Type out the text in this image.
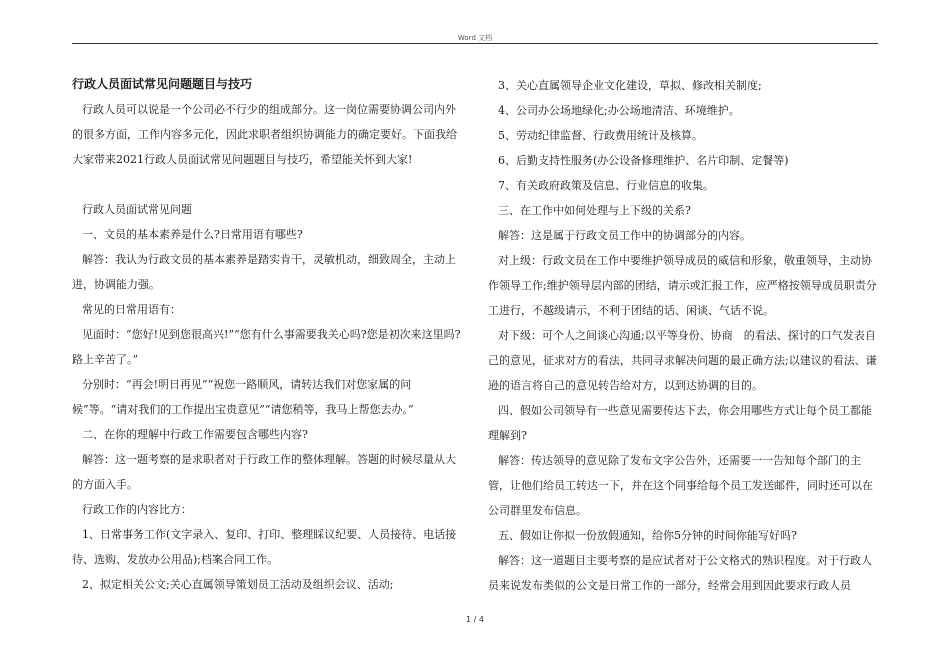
Word 文档
行政人员面试常见问题题目与技巧

行政人员可以说是一个公司必不行少的组成部分。这一岗位需要协调公司内外的很多方面，工作内容多元化，因此求职者组织协调能力的确定要好。下面我给大家带来2021行政人员面试常见问题题目与技巧，希望能关怀到大家!

行政人员面试常见问题

一、文员的基本素养是什么?日常用语有哪些?

解答：我认为行政文员的基本素养是踏实肯干，灵敏机动，细致周全，主动上进，协调能力强。

常见的日常用语有：

见面时：“您好!见到您很高兴!”“您有什么事需要我关心吗?您是初次来这里吗?路上辛苦了。”

分别时：“再会!明日再见”“祝您一路顺风，请转达我们对您家属的问候”等。“请对我们的工作提出宝贵意见”“请您稍等，我马上帮您去办。”

二、在你的理解中行政工作需要包含哪些内容?

解答：这一题考察的是求职者对于行政工作的整体理解。答题的时候尽量从大的方面入手。

行政工作的内容比方：

1、日常事务工作(文字录入、复印、打印、整理睬议纪要、人员接待、电话接待、选购、发放办公用品);档案合同工作。

2、拟定相关公文;关心直属领导策划员工活动及组织会议、活动;

3、关心直属领导企业文化建设，草拟、修改相关制度;

4、公司办公场地绿化;办公场地清洁、环境维护。

5、劳动纪律监督、行政费用统计及核算。

6、后勤支持性服务(办公设备修理维护、名片印制、定餐等)

7、有关政府政策及信息、行业信息的收集。

三、在工作中如何处理与上下级的关系?

解答：这是属于行政文员工作中的协调部分的内容。

对上级：行政文员在工作中要维护领导成员的威信和形象，敬重领导，主动协作领导工作;维护领导层内部的团结，请示或汇报工作，应严格按领导成员职责分工进行，不越级请示，不利于团结的话、闲谈、气话不说。

对下级：可个人之间谈心沟通;以平等身份、协商　的看法、探讨的口气发表自己的意见，征求对方的看法，共同寻求解决问题的最正确方法;以建议的看法、谦逊的语言将自己的意见转告给对方，以到达协调的目的。

四、假如公司领导有一些意见需要传达下去，你会用哪些方式让每个员工都能理解到?

解答：传达领导的意见除了发布文字公告外，还需要一一告知每个部门的主管，让他们给员工转达一下，并在这个同事给每个员工发送邮件，同时还可以在公司群里发布信息。

五、假如让你拟一份放假通知，给你5分钟的时间你能写好吗?

解答：这一道题目主要考察的是应试者对于公文格式的熟识程度。对于行政人员来说发布类似的公文是日常工作的一部分，经常会用到因此要求行政人员

1 / 4
